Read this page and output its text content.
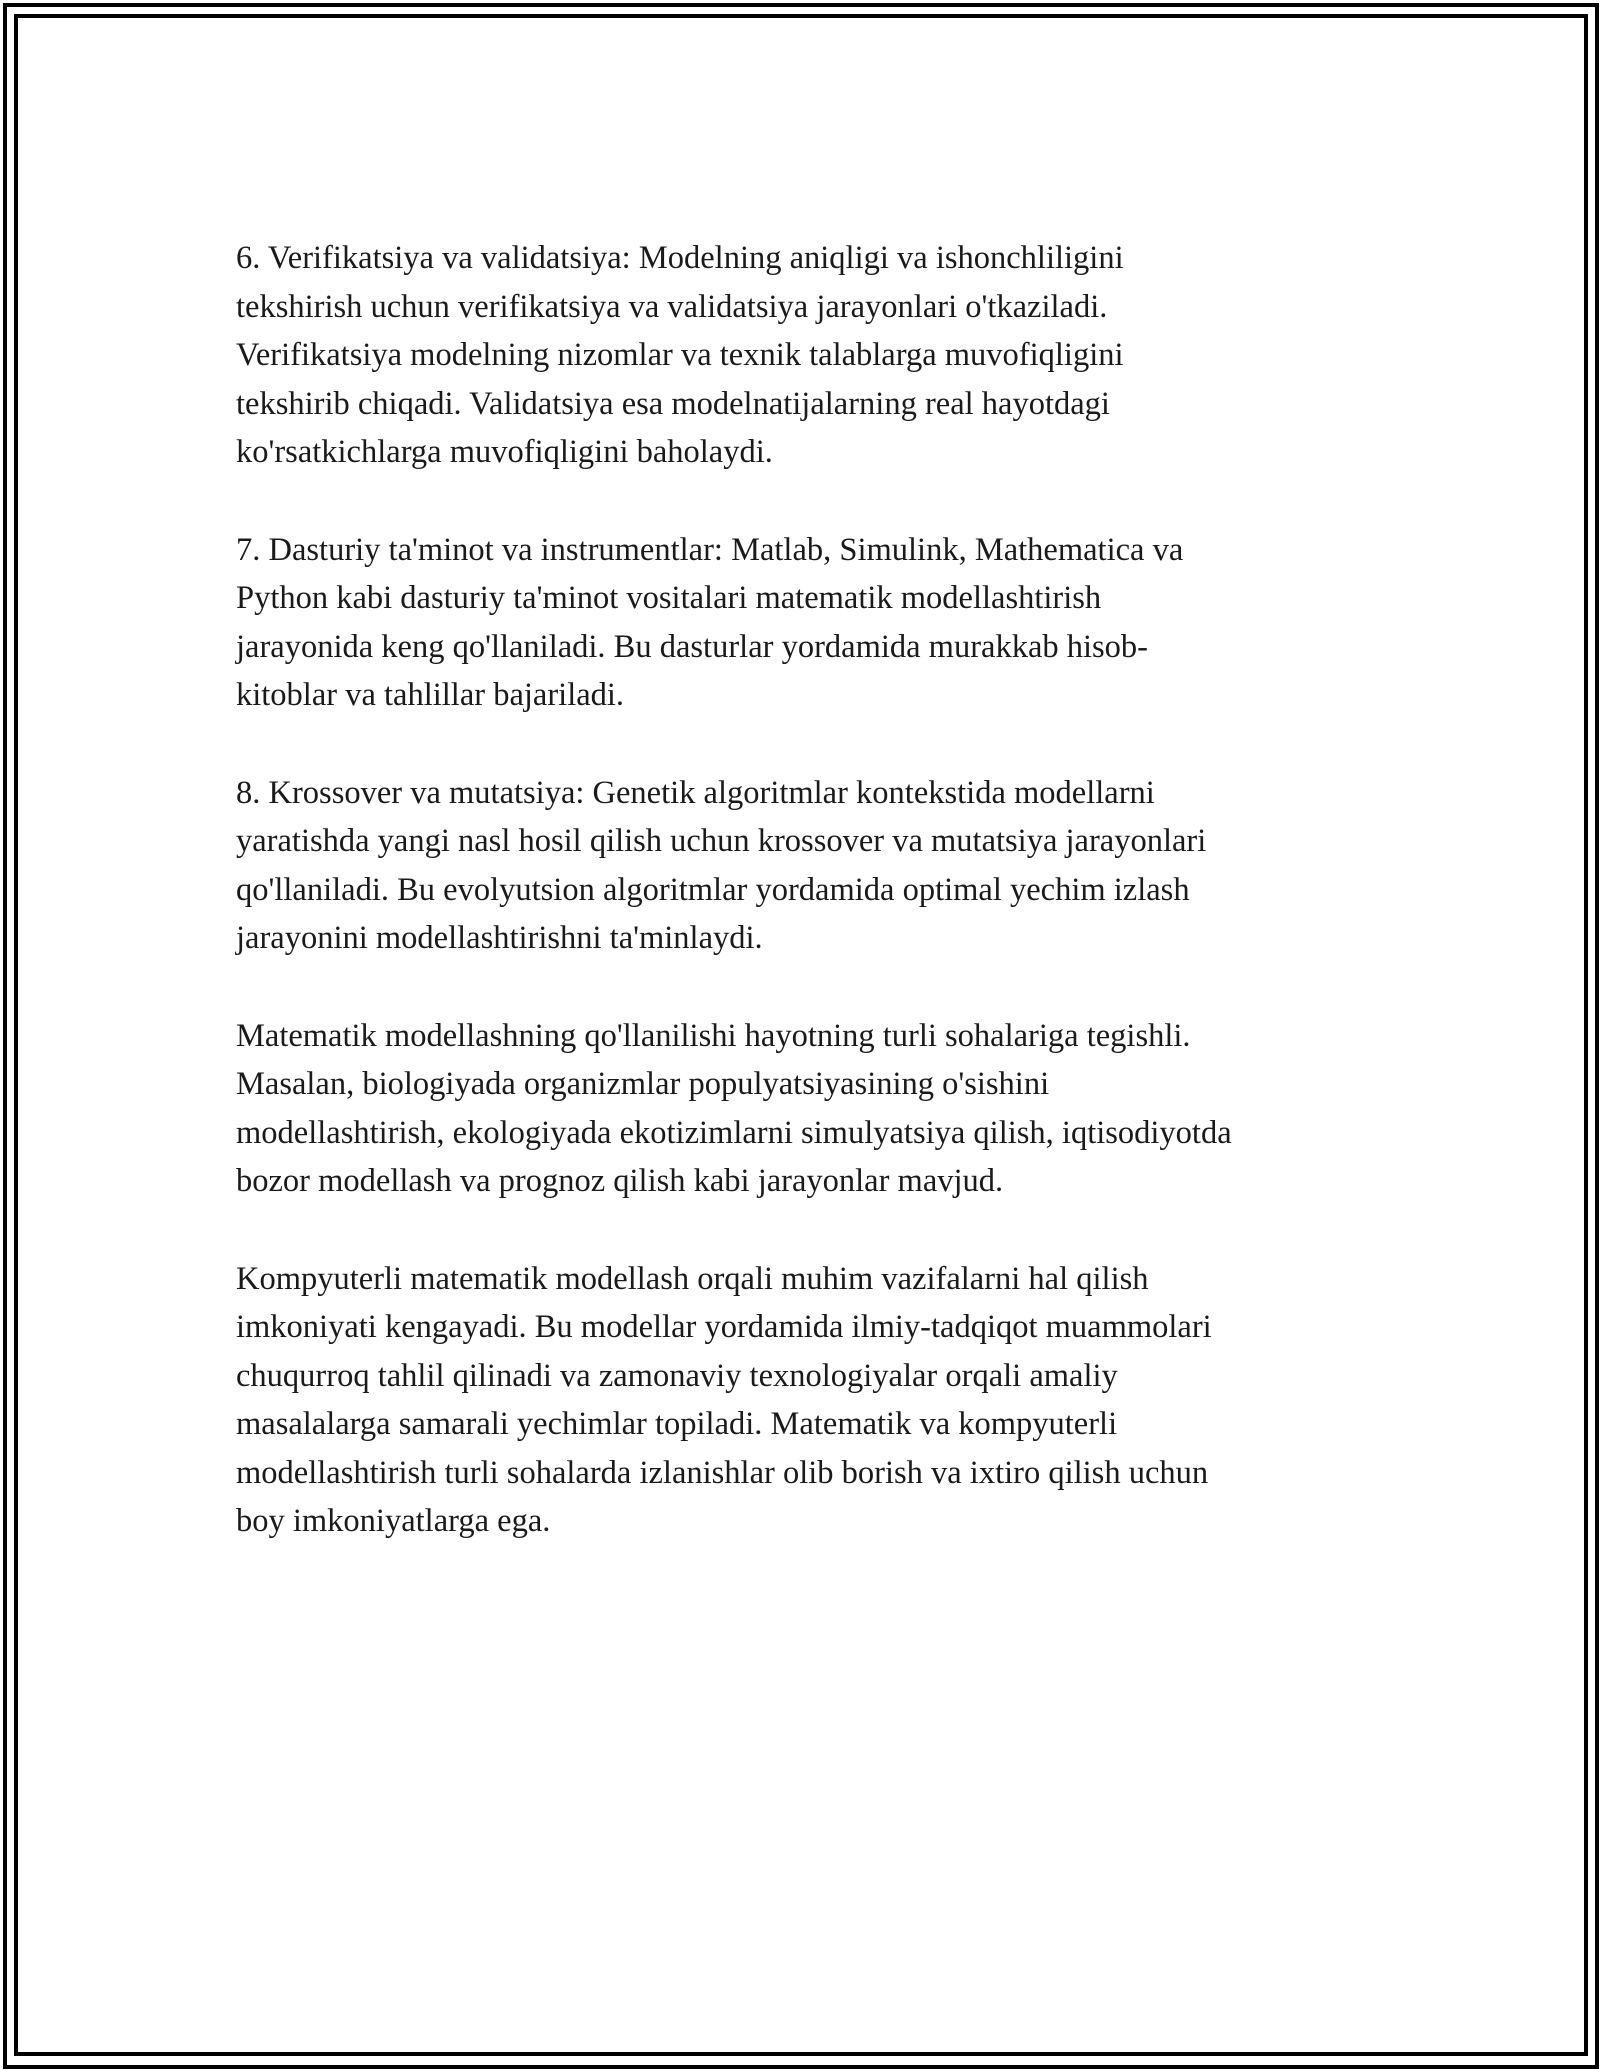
6. Verifikatsiya va validatsiya: Modelning aniqligi va ishonchliligini
tekshirish uchun verifikatsiya va validatsiya jarayonlari o'tkaziladi.
Verifikatsiya modelning nizomlar va texnik talablarga muvofiqligini
tekshirib chiqadi. Validatsiya esa modelnatijalarning real hayotdagi
ko'rsatkichlarga muvofiqligini baholaydi.

7. Dasturiy ta'minot va instrumentlar: Matlab, Simulink, Mathematica va
Python kabi dasturiy ta'minot vositalari matematik modellashtirish
jarayonida keng qo'llaniladi. Bu dasturlar yordamida murakkab hisob-
kitoblar va tahlillar bajariladi.

8. Krossover va mutatsiya: Genetik algoritmlar kontekstida modellarni
yaratishda yangi nasl hosil qilish uchun krossover va mutatsiya jarayonlari
qo'llaniladi. Bu evolyutsion algoritmlar yordamida optimal yechim izlash
jarayonini modellashtirishni ta'minlaydi.

Matematik modellashning qo'llanilishi hayotning turli sohalariga tegishli.
Masalan, biologiyada organizmlar populyatsiyasining o'sishini
modellashtirish, ekologiyada ekotizimlarni simulyatsiya qilish, iqtisodiyotda
bozor modellash va prognoz qilish kabi jarayonlar mavjud.

Kompyuterli matematik modellash orqali muhim vazifalarni hal qilish
imkoniyati kengayadi. Bu modellar yordamida ilmiy-tadqiqot muammolari
chuqurroq tahlil qilinadi va zamonaviy texnologiyalar orqali amaliy
masalalarga samarali yechimlar topiladi. Matematik va kompyuterli
modellashtirish turli sohalarda izlanishlar olib borish va ixtiro qilish uchun
boy imkoniyatlarga ega.
